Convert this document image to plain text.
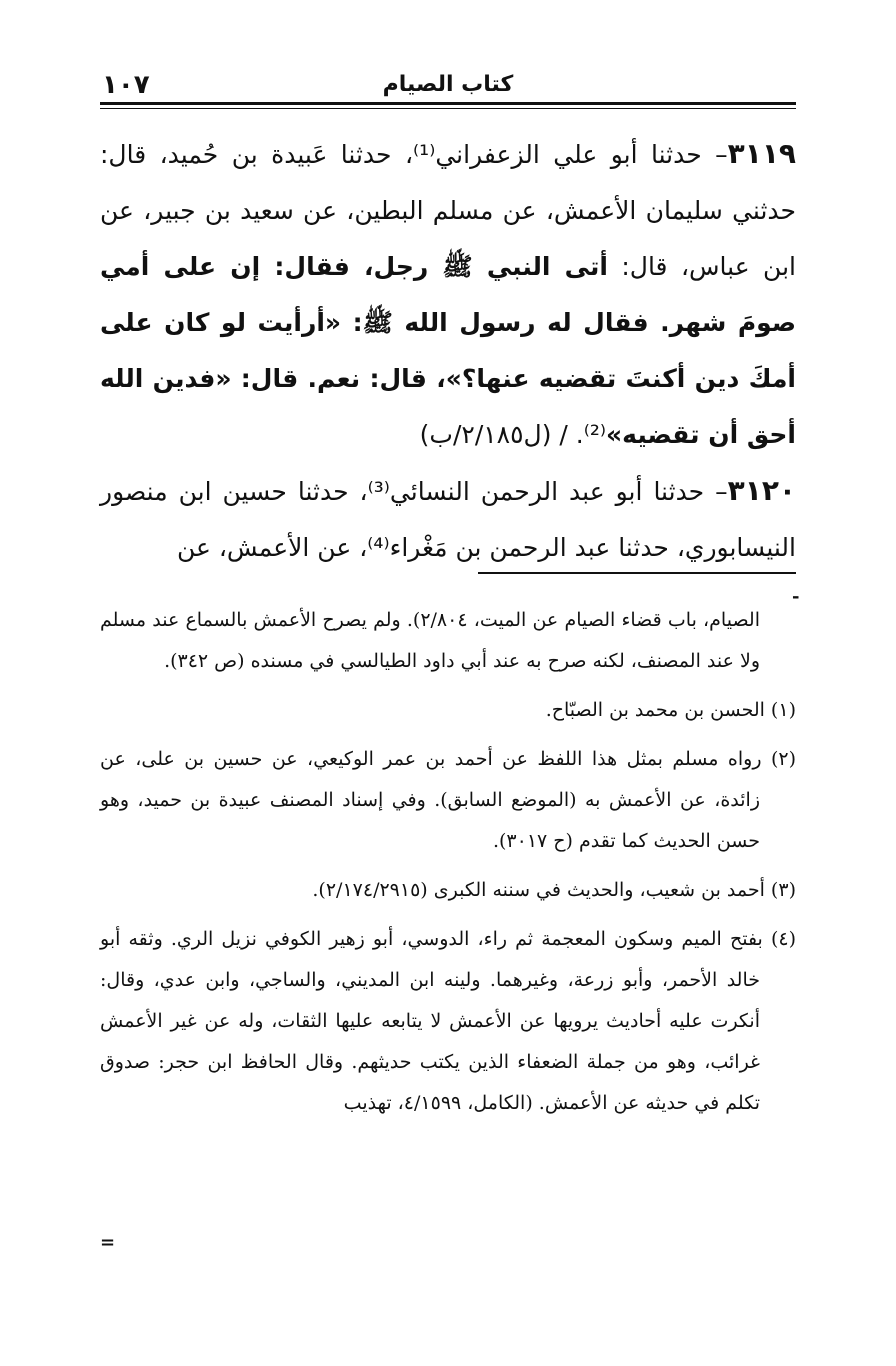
كتاب الصيام
١٠٧

٣١١٩– حدثنا أبو علي الزعفراني⁽¹⁾، حدثنا عَبيدة بن حُميد، قال: حدثني سليمان الأعمش، عن مسلم البطين، عن سعيد بن جبير، عن ابن عباس، قال: أتى النبي ﷺ رجل، فقال: إن على أمي صومَ شهر. فقال له رسول الله ﷺ: «أرأيت لو كان على أمكَ دين أكنتَ تقضيه عنها؟»، قال: نعم. قال: «فدين الله أحق أن تقضيه»⁽²⁾. / (ل٢/١٨٥/ب)

٣١٢٠– حدثنا أبو عبد الرحمن النسائي⁽³⁾، حدثنا حسين ابن منصور النيسابوري، حدثنا عبد الرحمن بن مَغْراء⁽⁴⁾، عن الأعمش، عن

-

الصيام، باب قضاء الصيام عن الميت، ٢/٨٠٤). ولم يصرح الأعمش بالسماع عند مسلم ولا عند المصنف، لكنه صرح به عند أبي داود الطيالسي في مسنده (ص ٣٤٢).

(١) الحسن بن محمد بن الصبّاح.

(٢) رواه مسلم بمثل هذا اللفظ عن أحمد بن عمر الوكيعي، عن حسين بن على، عن زائدة، عن الأعمش به (الموضع السابق). وفي إسناد المصنف عبيدة بن حميد، وهو حسن الحديث كما تقدم (ح ٣٠١٧).

(٣) أحمد بن شعيب، والحديث في سننه الكبرى (٢/١٧٤/٢٩١٥).

(٤) بفتح الميم وسكون المعجمة ثم راء، الدوسي، أبو زهير الكوفي نزيل الري. وثقه أبو خالد الأحمر، وأبو زرعة، وغيرهما. ولينه ابن المديني، والساجي، وابن عدي، وقال: أنكرت عليه أحاديث يرويها عن الأعمش لا يتابعه عليها الثقات، وله عن غير الأعمش غرائب، وهو من جملة الضعفاء الذين يكتب حديثهم. وقال الحافظ ابن حجر: صدوق تكلم في حديثه عن الأعمش. (الكامل، ٤/١٥٩٩، تهذيب

=
